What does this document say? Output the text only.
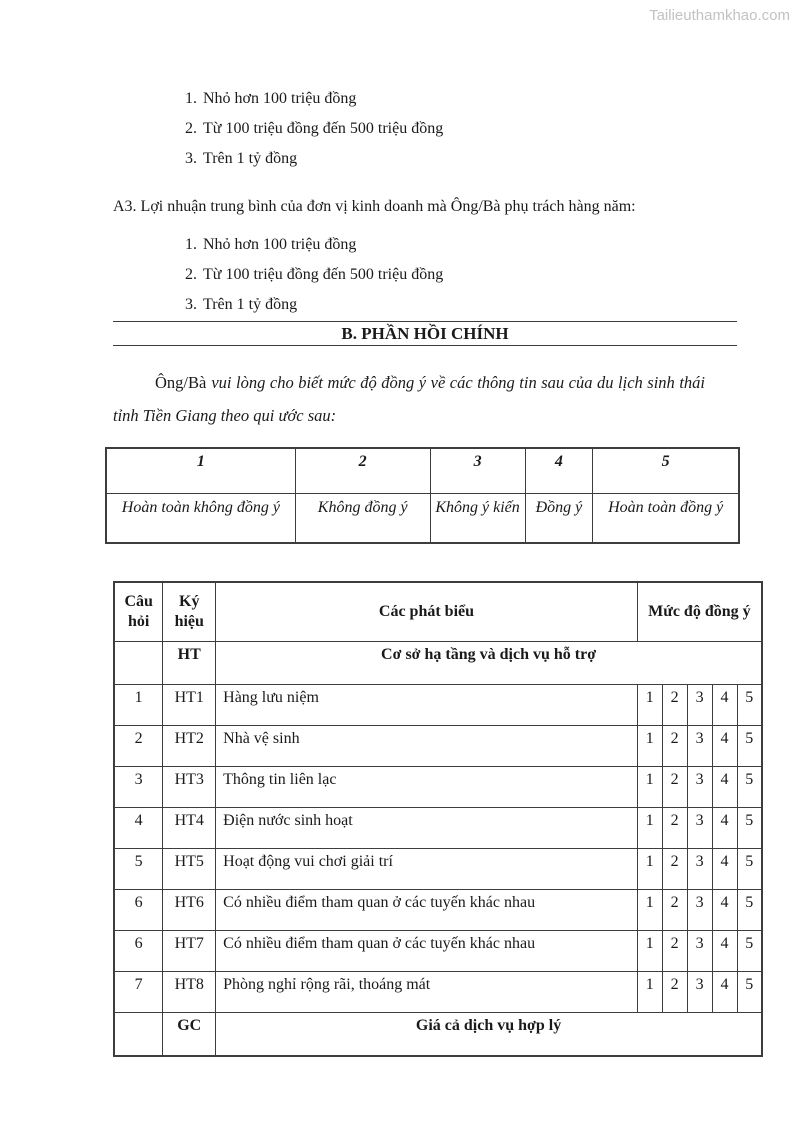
Tailieuthamkhao.com
1. Nhỏ hơn 100 triệu đồng
2. Từ 100 triệu đồng đến 500 triệu đồng
3. Trên 1 tỷ đồng
A3. Lợi nhuận trung bình của đơn vị kinh doanh mà Ông/Bà phụ trách hàng năm:
1. Nhỏ hơn 100 triệu đồng
2. Từ 100 triệu đồng đến 500 triệu đồng
3. Trên 1 tỷ đồng
B. PHẦN HỒI CHÍNH

Ông/Bà vui lòng cho biết mức độ đồng ý về các thông tin sau của du lịch sinh thái tỉnh Tiền Giang theo qui ước sau:

1	2	3	4	5
Hoàn toàn không đồng ý	Không đồng ý	Không ý kiến	Đồng ý	Hoàn toàn đồng ý
Câu hỏi	Ký hiệu	Các phát biểu	Mức độ đồng ý				
	HT	Cơ sở hạ tầng và dịch vụ hỗ trợ					
1	HT1	Hàng lưu niệm	1	2	3	4	5
2	HT2	Nhà vệ sinh	1	2	3	4	5
3	HT3	Thông tin liên lạc	1	2	3	4	5
4	HT4	Điện nước sinh hoạt	1	2	3	4	5
5	HT5	Hoạt động vui chơi giải trí	1	2	3	4	5
6	HT6	Có nhiều điểm tham quan ở các tuyến khác nhau	1	2	3	4	5
6	HT7	Có nhiều điểm tham quan ở các tuyến khác nhau	1	2	3	4	5
7	HT8	Phòng nghỉ rộng rãi, thoáng mát	1	2	3	4	5
	GC	Giá cả dịch vụ hợp lý					
